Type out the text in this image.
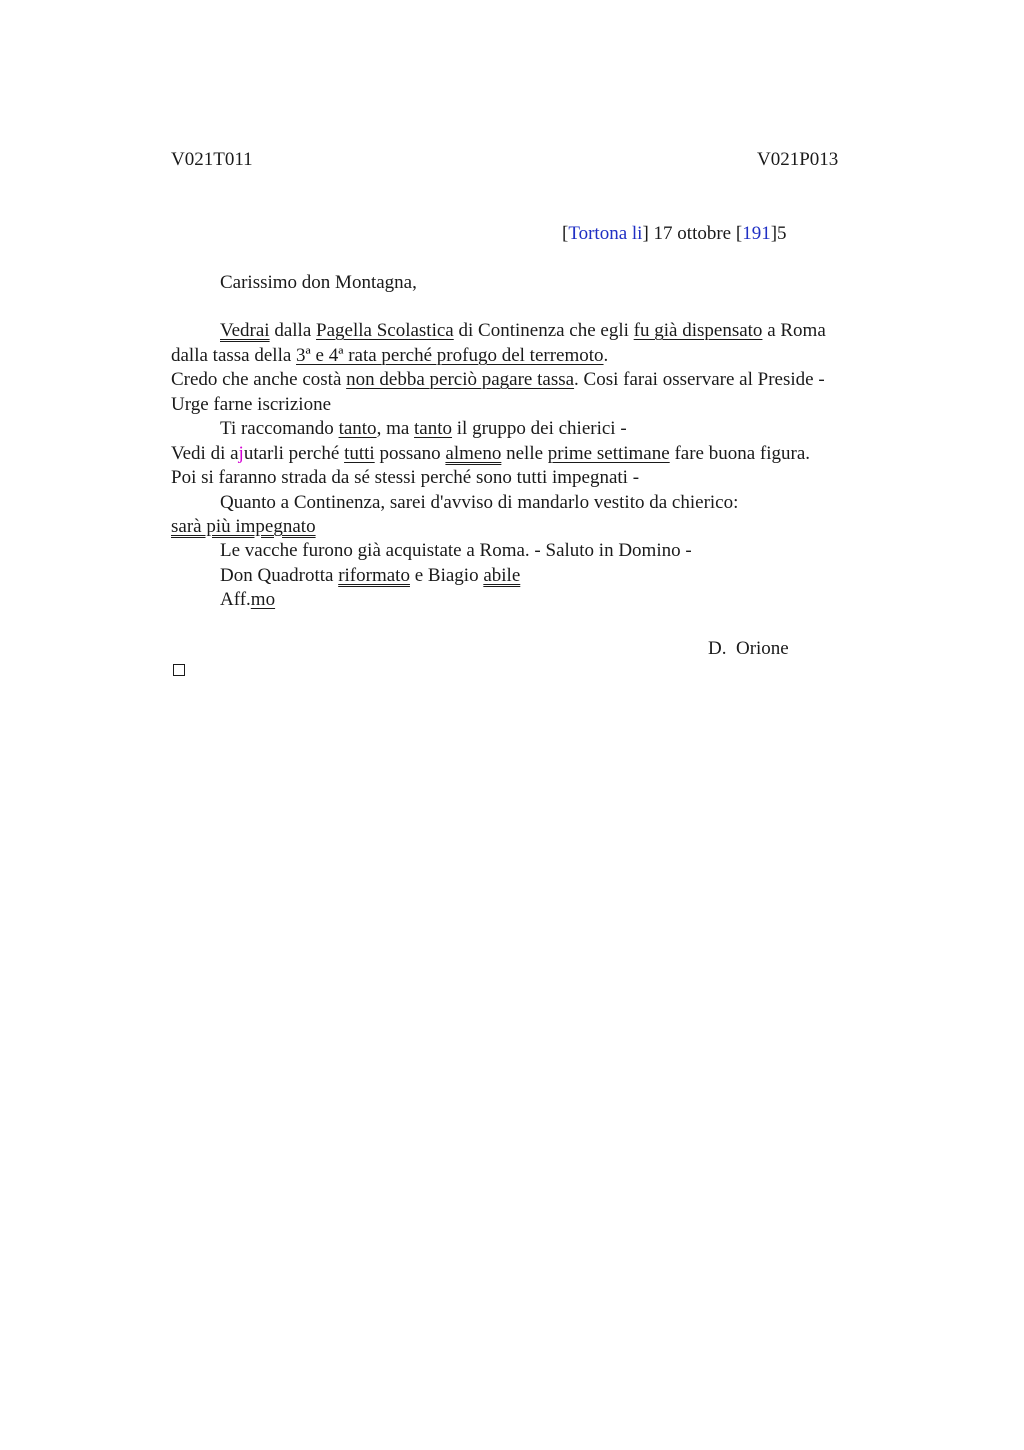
V021T011	V021P013
[Tortona li] 17 ottobre [191]5
Carissimo don Montagna,
Vedrai dalla Pagella Scolastica di Continenza che egli fu già dispensato a Roma
dalla tassa della 3ª e 4ª rata perché profugo del terremoto.
Credo che anche costà non debba perciò pagare tassa. Cosi farai osservare al Preside -
Urge farne iscrizione
Ti raccomando tanto, ma tanto il gruppo dei chierici -
Vedi di ajutarli perché tutti possano almeno nelle prime settimane fare buona figura.
Poi si faranno strada da sé stessi perché sono tutti impegnati -
Quanto a Continenza, sarei d'avviso di mandarlo vestito da chierico:
sarà più impegnato
Le vacche furono già acquistate a Roma. - Saluto in Domino -
Don Quadrotta riformato e Biagio abile
Aff.mo
D.  Orione
